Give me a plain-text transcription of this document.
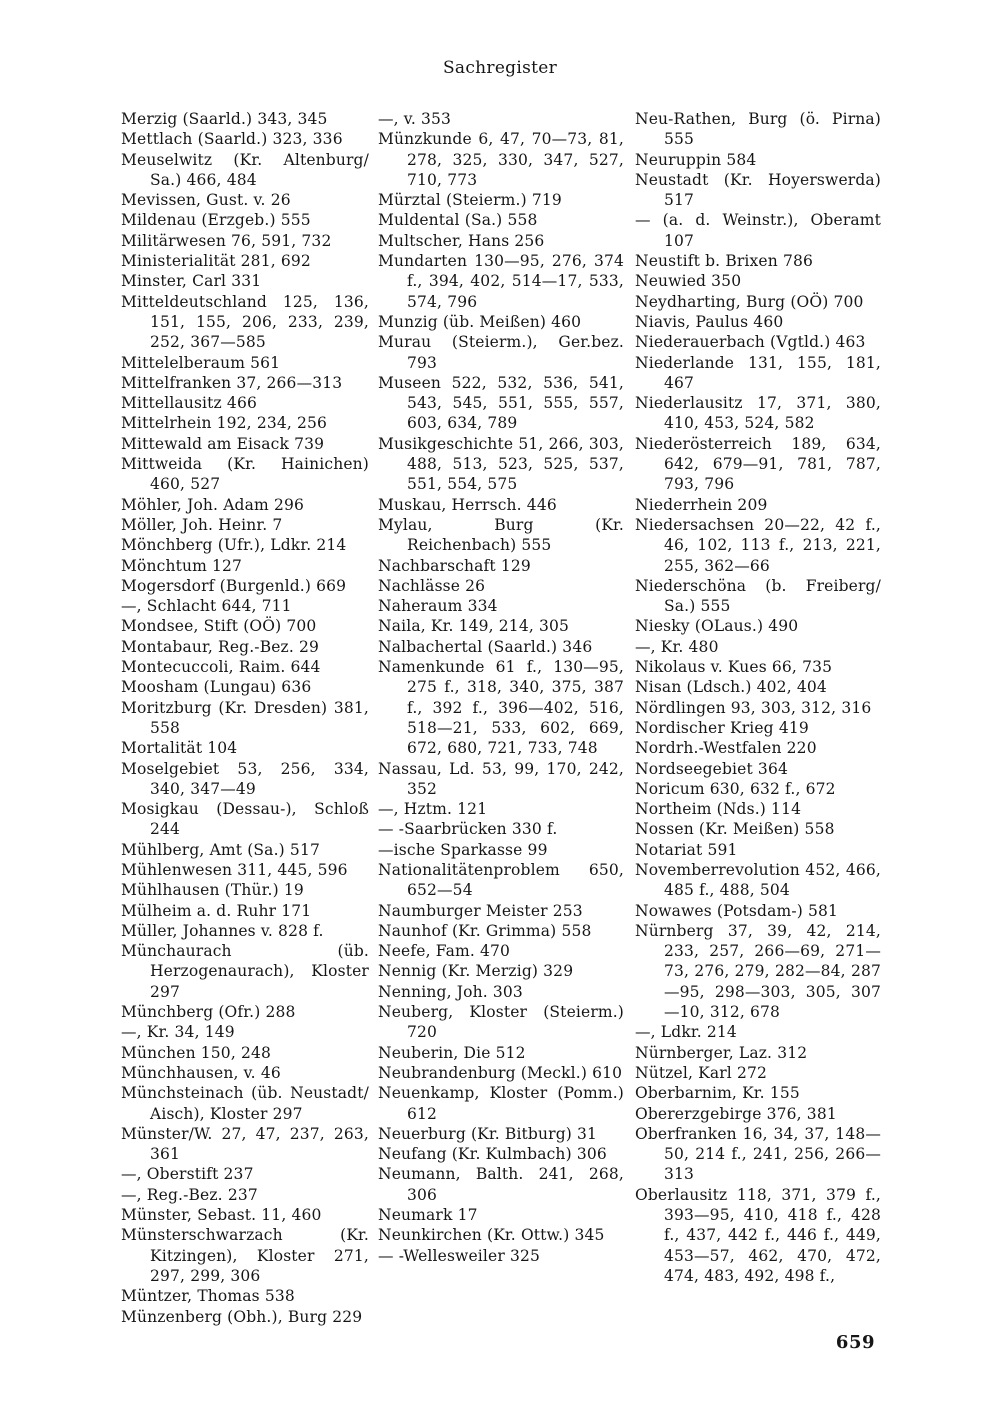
Sachregister
Merzig (Saarld.) 343, 345
Mettlach (Saarld.) 323, 336
Meuselwitz (Kr. Altenburg/ Sa.) 466, 484
Mevissen, Gust. v. 26
Mildenau (Erzgeb.) 555
Militärwesen 76, 591, 732
Ministerialität 281, 692
Minster, Carl 331
Mitteldeutschland 125, 136, 151, 155, 206, 233, 239, 252, 367—585
Mittelelberaum 561
Mittelfranken 37, 266—313
Mittellausitz 466
Mittelrhein 192, 234, 256
Mittewald am Eisack 739
Mittweida (Kr. Hainichen) 460, 527
Möhler, Joh. Adam 296
Möller, Joh. Heinr. 7
Mönchberg (Ufr.), Ldkr. 214
Mönchtum 127
Mogersdorf (Burgenld.) 669
—, Schlacht 644, 711
Mondsee, Stift (OÖ) 700
Montabaur, Reg.-Bez. 29
Montecuccoli, Raim. 644
Moosham (Lungau) 636
Moritzburg (Kr. Dresden) 381, 558
Mortalität 104
Moselgebiet 53, 256, 334, 340, 347—49
Mosigkau (Dessau-), Schloß 244
Mühlberg, Amt (Sa.) 517
Mühlenwesen 311, 445, 596
Mühlhausen (Thür.) 19
Mülheim a. d. Ruhr 171
Müller, Johannes v. 828 f.
Münchaurach (üb. Herzogenaurach), Kloster 297
Münchberg (Ofr.) 288
—, Kr. 34, 149
München 150, 248
Münchhausen, v. 46
Münchsteinach (üb. Neustadt/ Aisch), Kloster 297
Münster/W. 27, 47, 237, 263, 361
—, Oberstift 237
—, Reg.-Bez. 237
Münster, Sebast. 11, 460
Münsterschwarzach (Kr. Kitzingen), Kloster 271, 297, 299, 306
Müntzer, Thomas 538
Münzenberg (Obh.), Burg 229
—, v. 353
Münzkunde 6, 47, 70—73, 81, 278, 325, 330, 347, 527, 710, 773
Mürztal (Steierm.) 719
Muldental (Sa.) 558
Multscher, Hans 256
Mundarten 130—95, 276, 374 f., 394, 402, 514—17, 533, 574, 796
Munzig (üb. Meißen) 460
Murau (Steierm.), Ger.bez. 793
Museen 522, 532, 536, 541, 543, 545, 551, 555, 557, 603, 634, 789
Musikgeschichte 51, 266, 303, 488, 513, 523, 525, 537, 551, 554, 575
Muskau, Herrsch. 446
Mylau, Burg (Kr. Reichenbach) 555
Nachbarschaft 129
Nachlässe 26
Naheraum 334
Naila, Kr. 149, 214, 305
Nalbachertal (Saarld.) 346
Namenkunde 61 f., 130—95, 275 f., 318, 340, 375, 387 f., 392 f., 396—402, 516, 518—21, 533, 602, 669, 672, 680, 721, 733, 748
Nassau, Ld. 53, 99, 170, 242, 352
—, Hztm. 121
— -Saarbrücken 330 f.
—ische Sparkasse 99
Nationalitätenproblem 650, 652—54
Naumburger Meister 253
Naunhof (Kr. Grimma) 558
Neefe, Fam. 470
Nennig (Kr. Merzig) 329
Nenning, Joh. 303
Neuberg, Kloster (Steierm.) 720
Neuberin, Die 512
Neubrandenburg (Meckl.) 610
Neuenkamp, Kloster (Pomm.) 612
Neuerburg (Kr. Bitburg) 31
Neufang (Kr. Kulmbach) 306
Neumann, Balth. 241, 268, 306
Neumark 17
Neunkirchen (Kr. Ottw.) 345
— -Wellesweiler 325
Neu-Rathen, Burg (ö. Pirna) 555
Neuruppin 584
Neustadt (Kr. Hoyerswerda) 517
— (a. d. Weinstr.), Oberamt 107
Neustift b. Brixen 786
Neuwied 350
Neydharting, Burg (OÖ) 700
Niavis, Paulus 460
Niederauerbach (Vgtld.) 463
Niederlande 131, 155, 181, 467
Niederlausitz 17, 371, 380, 410, 453, 524, 582
Niederösterreich 189, 634, 642, 679—91, 781, 787, 793, 796
Niederrhein 209
Niedersachsen 20—22, 42 f., 46, 102, 113 f., 213, 221, 255, 362—66
Niederschöna (b. Freiberg/ Sa.) 555
Niesky (OLaus.) 490
—, Kr. 480
Nikolaus v. Kues 66, 735
Nisan (Ldsch.) 402, 404
Nördlingen 93, 303, 312, 316
Nordischer Krieg 419
Nordrh.-Westfalen 220
Nordseegebiet 364
Noricum 630, 632 f., 672
Northeim (Nds.) 114
Nossen (Kr. Meißen) 558
Notariat 591
Novemberrevolution 452, 466, 485 f., 488, 504
Nowawes (Potsdam-) 581
Nürnberg 37, 39, 42, 214, 233, 257, 266—69, 271—73, 276, 279, 282—84, 287—95, 298—303, 305, 307—10, 312, 678
—, Ldkr. 214
Nürnberger, Laz. 312
Nützel, Karl 272
Oberbarnim, Kr. 155
Obererzgebirge 376, 381
Oberfranken 16, 34, 37, 148—50, 214 f., 241, 256, 266—313
Oberlausitz 118, 371, 379 f., 393—95, 410, 418 f., 428 f., 437, 442 f., 446 f., 449, 453—57, 462, 470, 472, 474, 483, 492, 498 f.,
659
